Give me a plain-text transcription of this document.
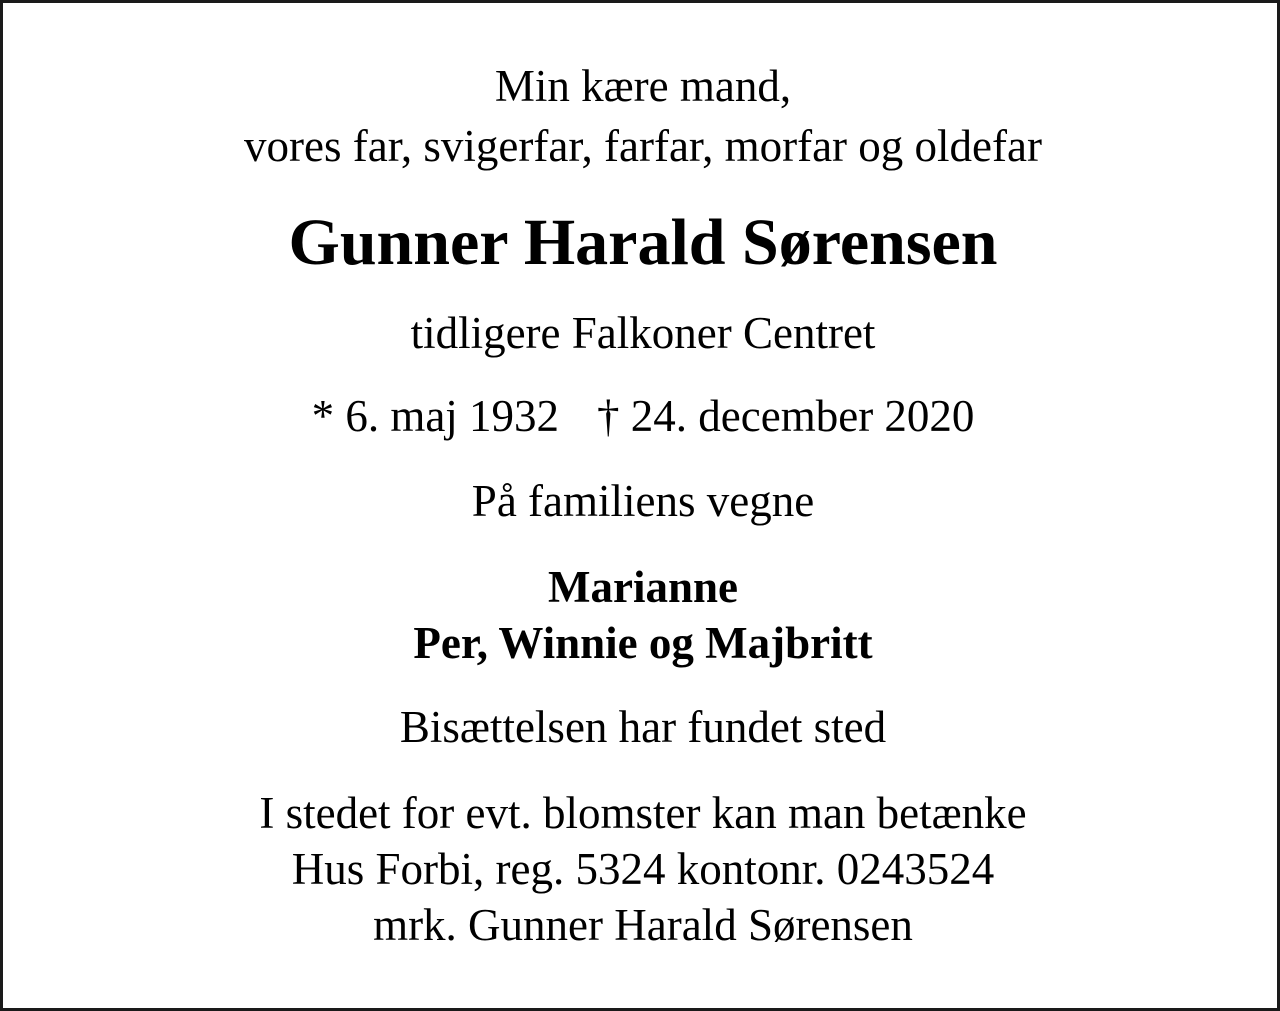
Min kære mand,
vores far, svigerfar, farfar, morfar og oldefar
Gunner Harald Sørensen
tidligere Falkoner Centret
* 6. maj 1932 † 24. december 2020
På familiens vegne
Marianne
Per, Winnie og Majbritt
Bisættelsen har fundet sted
I stedet for evt. blomster kan man betænke
Hus Forbi, reg. 5324 kontonr. 0243524
mrk. Gunner Harald Sørensen
